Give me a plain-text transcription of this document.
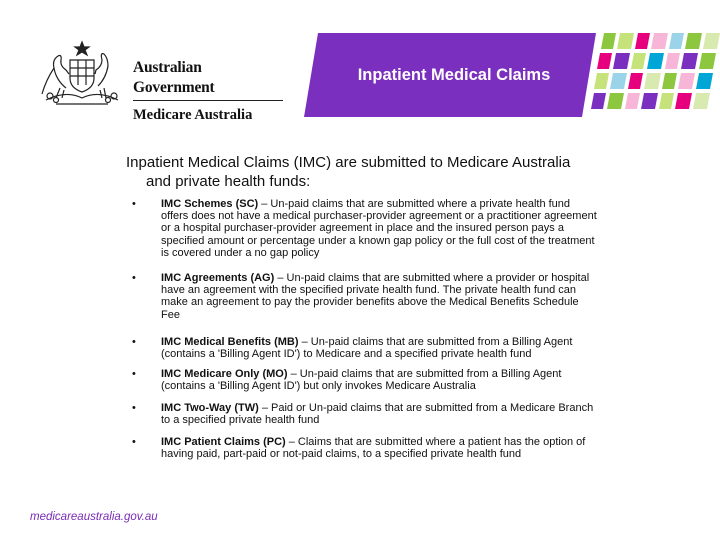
Australian Government
Medicare Australia
Inpatient Medical Claims
Inpatient Medical Claims (IMC) are submitted to Medicare Australia
and private health funds:
• IMC Schemes (SC) – Un-paid claims that are submitted where a private health fund
offers does not have a medical purchaser-provider agreement or a practitioner agreement
or a hospital purchaser-provider agreement in place and the insured person pays a
specified amount or percentage under a known gap policy or the full cost of the treatment
is covered under a no gap policy
• IMC Agreements (AG) – Un-paid claims that are submitted where a provider or hospital
have an agreement with the specified private health fund. The private health fund can
make an agreement to pay the provider benefits above the Medical Benefits Schedule
Fee
• IMC Medical Benefits (MB) – Un-paid claims that are submitted from a Billing Agent
(contains a 'Billing Agent ID') to Medicare and a specified private health fund
• IMC Medicare Only (MO) – Un-paid claims that are submitted from a Billing Agent
(contains a 'Billing Agent ID') but only invokes Medicare Australia
• IMC Two-Way (TW) – Paid or Un-paid claims that are submitted from a Medicare Branch
to a specified private health fund
• IMC Patient Claims (PC) – Claims that are submitted where a patient has the option of
having paid, part-paid or not-paid claims, to a specified private health fund
medicareaustralia.gov.au
